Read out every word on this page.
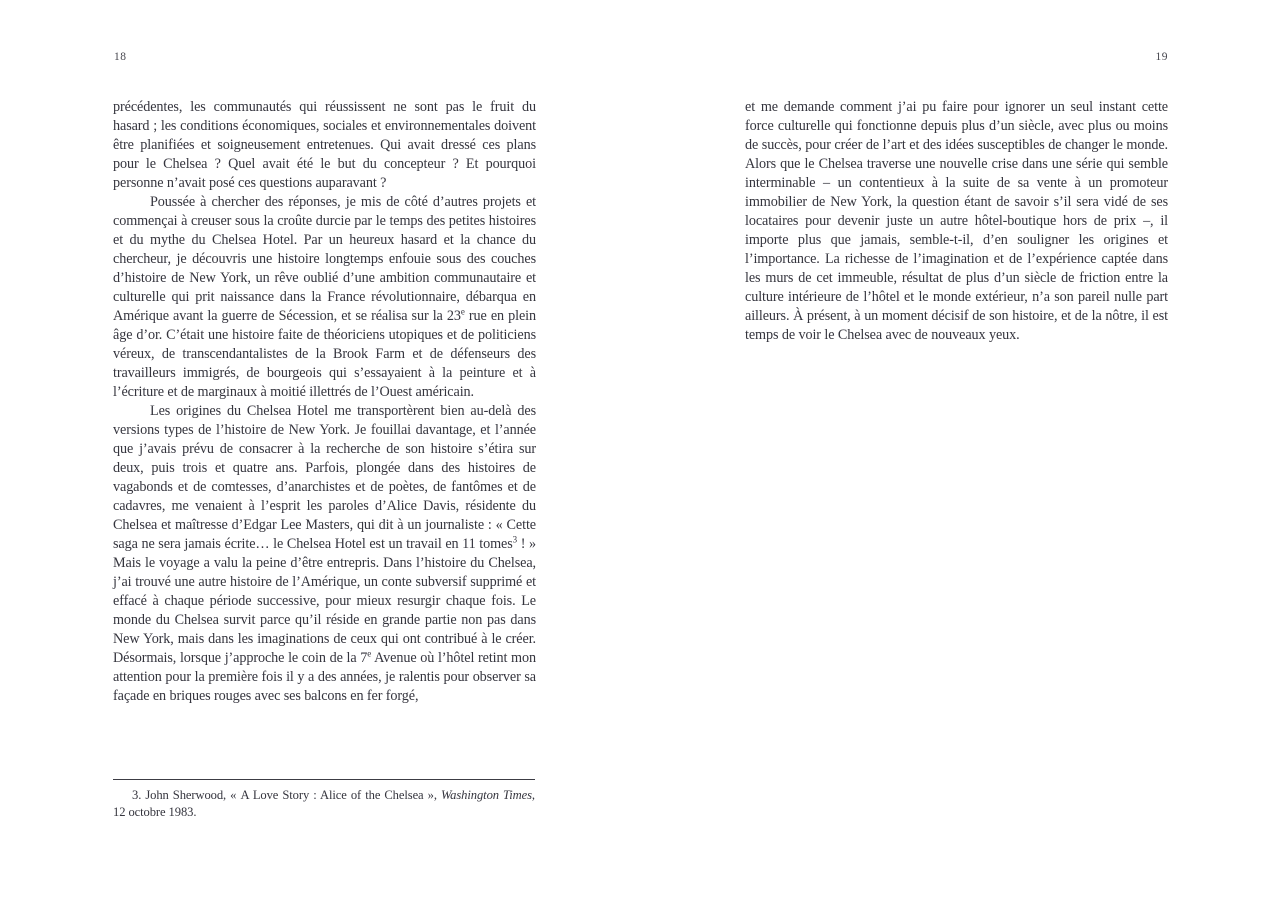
18	19

précédentes, les communautés qui réussissent ne sont pas le fruit du hasard ; les conditions économiques, sociales et environnementales doivent être planifiées et soigneusement entretenues. Qui avait dressé ces plans pour le Chelsea ? Quel avait été le but du concepteur ? Et pourquoi personne n’avait posé ces questions auparavant ?

Poussée à chercher des réponses, je mis de côté d’autres projets et commençai à creuser sous la croûte durcie par le temps des petites histoires et du mythe du Chelsea Hotel. Par un heureux hasard et la chance du chercheur, je découvris une histoire longtemps enfouie sous des couches d’histoire de New York, un rêve oublié d’une ambition communautaire et culturelle qui prit naissance dans la France révolutionnaire, débarqua en Amérique avant la guerre de Sécession, et se réalisa sur la 23e rue en plein âge d’or. C’était une histoire faite de théoriciens utopiques et de politiciens véreux, de transcendantalistes de la Brook Farm et de défenseurs des travailleurs immigrés, de bourgeois qui s’essayaient à la peinture et à l’écriture et de marginaux à moitié illettrés de l’Ouest américain.

Les origines du Chelsea Hotel me transportèrent bien au-delà des versions types de l’histoire de New York. Je fouillai davantage, et l’année que j’avais prévu de consacrer à la recherche de son histoire s’étira sur deux, puis trois et quatre ans. Parfois, plongée dans des histoires de vagabonds et de comtesses, d’anarchistes et de poètes, de fantômes et de cadavres, me venaient à l’esprit les paroles d’Alice Davis, résidente du Chelsea et maîtresse d’Edgar Lee Masters, qui dit à un journaliste : « Cette saga ne sera jamais écrite… le Chelsea Hotel est un travail en 11 tomes$^3$ ! » Mais le voyage a valu la peine d’être entrepris. Dans l’histoire du Chelsea, j’ai trouvé une autre histoire de l’Amérique, un conte subversif supprimé et effacé à chaque période successive, pour mieux resurgir chaque fois. Le monde du Chelsea survit parce qu’il réside en grande partie non pas dans New York, mais dans les imaginations de ceux qui ont contribué à le créer. Désormais, lorsque j’approche le coin de la 7e Avenue où l’hôtel retint mon attention pour la première fois il y a des années, je ralentis pour observer sa façade en briques rouges avec ses balcons en fer forgé,

3. John Sherwood, « A Love Story : Alice of the Chelsea », Washington Times, 12 octobre 1983.

et me demande comment j’ai pu faire pour ignorer un seul instant cette force culturelle qui fonctionne depuis plus d’un siècle, avec plus ou moins de succès, pour créer de l’art et des idées susceptibles de changer le monde. Alors que le Chelsea traverse une nouvelle crise dans une série qui semble interminable – un contentieux à la suite de sa vente à un promoteur immobilier de New York, la question étant de savoir s’il sera vidé de ses locataires pour devenir juste un autre hôtel-boutique hors de prix –, il importe plus que jamais, semble-t-il, d’en souligner les origines et l’importance. La richesse de l’imagination et de l’expérience captée dans les murs de cet immeuble, résultat de plus d’un siècle de friction entre la culture intérieure de l’hôtel et le monde extérieur, n’a son pareil nulle part ailleurs. À présent, à un moment décisif de son histoire, et de la nôtre, il est temps de voir le Chelsea avec de nouveaux yeux.
